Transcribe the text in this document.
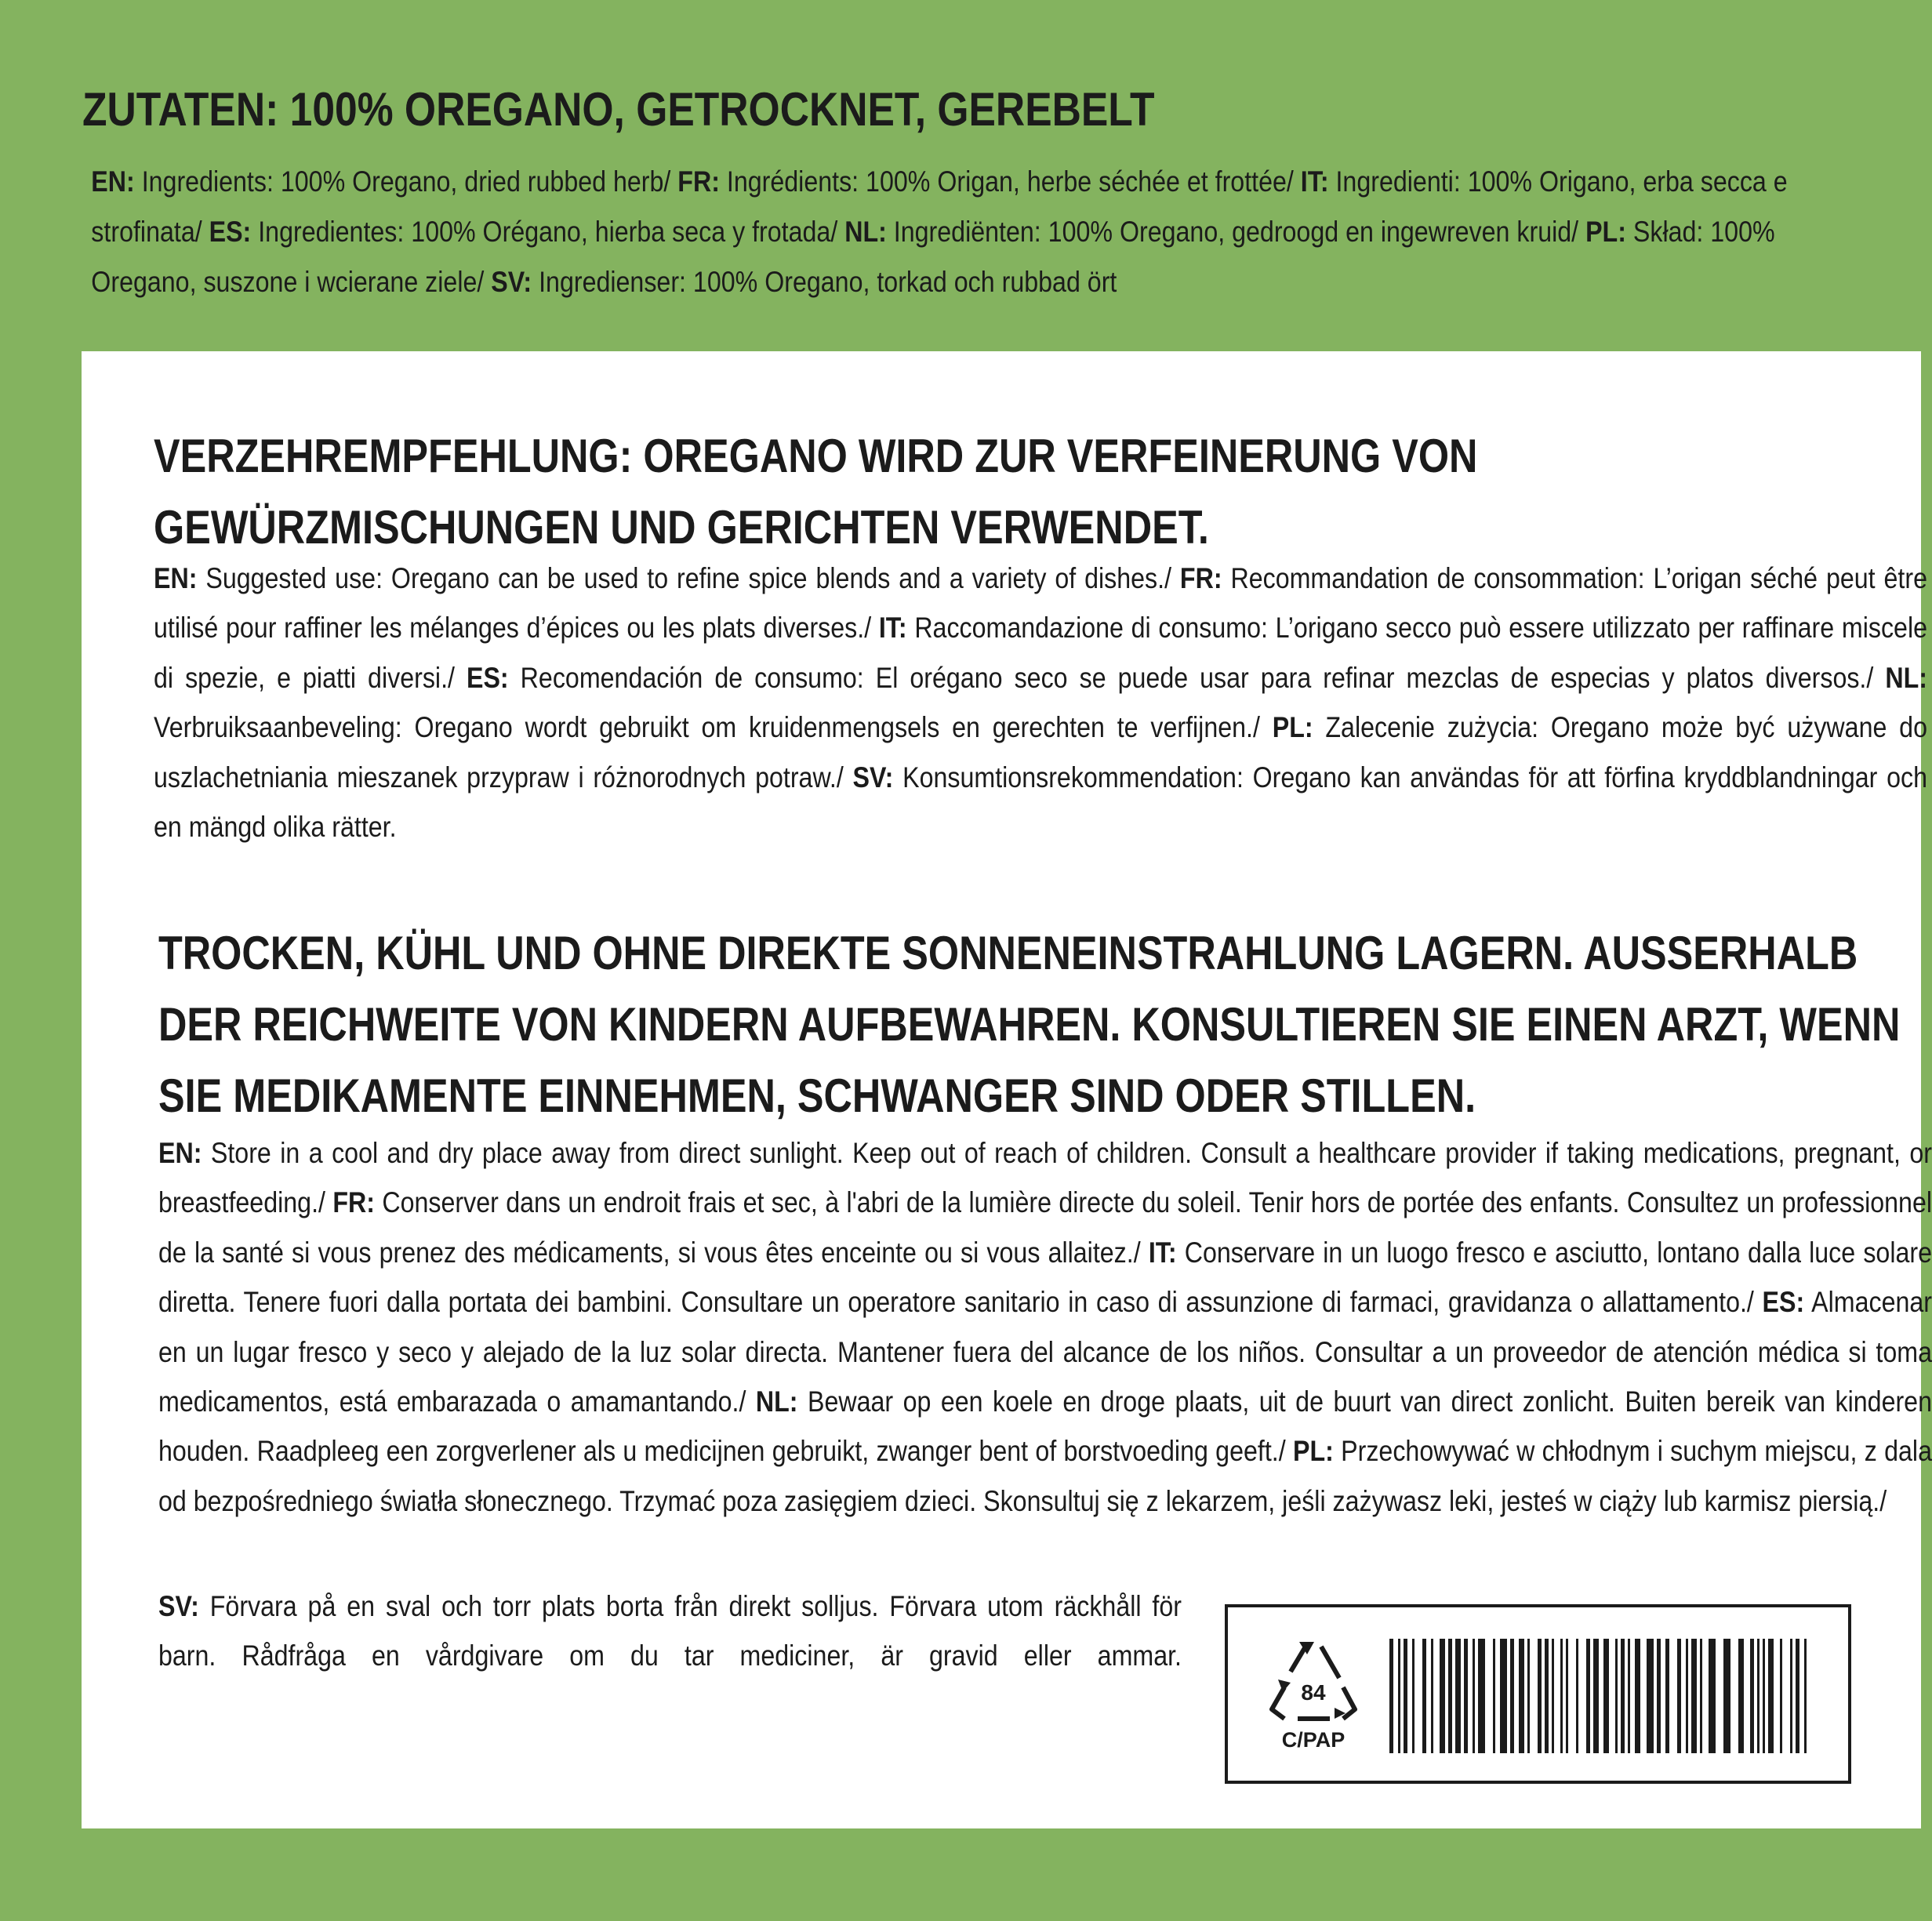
ZUTATEN: 100% OREGANO, GETROCKNET, GEREBELT

EN: Ingredients: 100% Oregano, dried rubbed herb/ FR: Ingrédients: 100% Origan, herbe séchée et frottée/ IT: Ingredienti: 100% Origano, erba secca e strofinata/ ES: Ingredientes: 100% Orégano, hierba seca y frotada/ NL: Ingrediënten: 100% Oregano, gedroogd en ingewreven kruid/ PL: Skład: 100% Oregano, suszone i wcierane ziele/ SV: Ingredienser: 100% Oregano, torkad och rubbad ört

VERZEHREMPFEHLUNG: OREGANO WIRD ZUR VERFEINERUNG VON GEWÜRZMISCHUNGEN UND GERICHTEN VERWENDET.

EN: Suggested use: Oregano can be used to refine spice blends and a variety of dishes./ FR: Recommandation de consommation: L’origan séché peut être utilisé pour raffiner les mélanges d’épices ou les plats diverses./ IT: Raccomandazione di consumo: L’origano secco può essere utilizzato per raffinare miscele di spezie, e piatti diversi./ ES: Recomendación de consumo: El orégano seco se puede usar para refinar mezclas de especias y platos diversos./ NL: Verbruiksaanbeveling: Oregano wordt gebruikt om kruidenmengsels en gerechten te verfijnen./ PL: Zalecenie zużycia: Oregano może być używane do uszlachetniania mieszanek przypraw i różnorodnych potraw./ SV: Konsumtionsrekommendation: Oregano kan användas för att förfina kryddblandningar och en mängd olika rätter.

TROCKEN, KÜHL UND OHNE DIREKTE SONNENEINSTRAHLUNG LAGERN. AUSSERHALB DER REICHWEITE VON KINDERN AUFBEWAHREN. KONSULTIEREN SIE EINEN ARZT, WENN SIE MEDIKAMENTE EINNEHMEN, SCHWANGER SIND ODER STILLEN.

EN: Store in a cool and dry place away from direct sunlight. Keep out of reach of children. Consult a healthcare provider if taking medications, pregnant, or breastfeeding./ FR: Conserver dans un endroit frais et sec, à l'abri de la lumière directe du soleil. Tenir hors de portée des enfants. Consultez un professionnel de la santé si vous prenez des médicaments, si vous êtes enceinte ou si vous allaitez./ IT: Conservare in un luogo fresco e asciutto, lontano dalla luce solare diretta. Tenere fuori dalla portata dei bambini. Consultare un operatore sanitario in caso di assunzione di farmaci, gravidanza o allattamento./ ES: Almacenar en un lugar fresco y seco y alejado de la luz solar directa. Mantener fuera del alcance de los niños. Consultar a un proveedor de atención médica si toma medicamentos, está embarazada o amamantando./ NL: Bewaar op een koele en droge plaats, uit de buurt van direct zonlicht. Buiten bereik van kinderen houden. Raadpleeg een zorgverlener als u medicijnen gebruikt, zwanger bent of borstvoeding geeft./ PL: Przechowywać w chłodnym i suchym miejscu, z dala od bezpośredniego światła słonecznego. Trzymać poza zasięgiem dzieci. Skonsultuj się z lekarzem, jeśli zażywasz leki, jesteś w ciąży lub karmisz piersią./

SV: Förvara på en sval och torr plats borta från direkt solljus. Förvara utom räckhåll för barn. Rådfråga en vårdgivare om du tar mediciner, är gravid eller ammar.

84
C/PAP
